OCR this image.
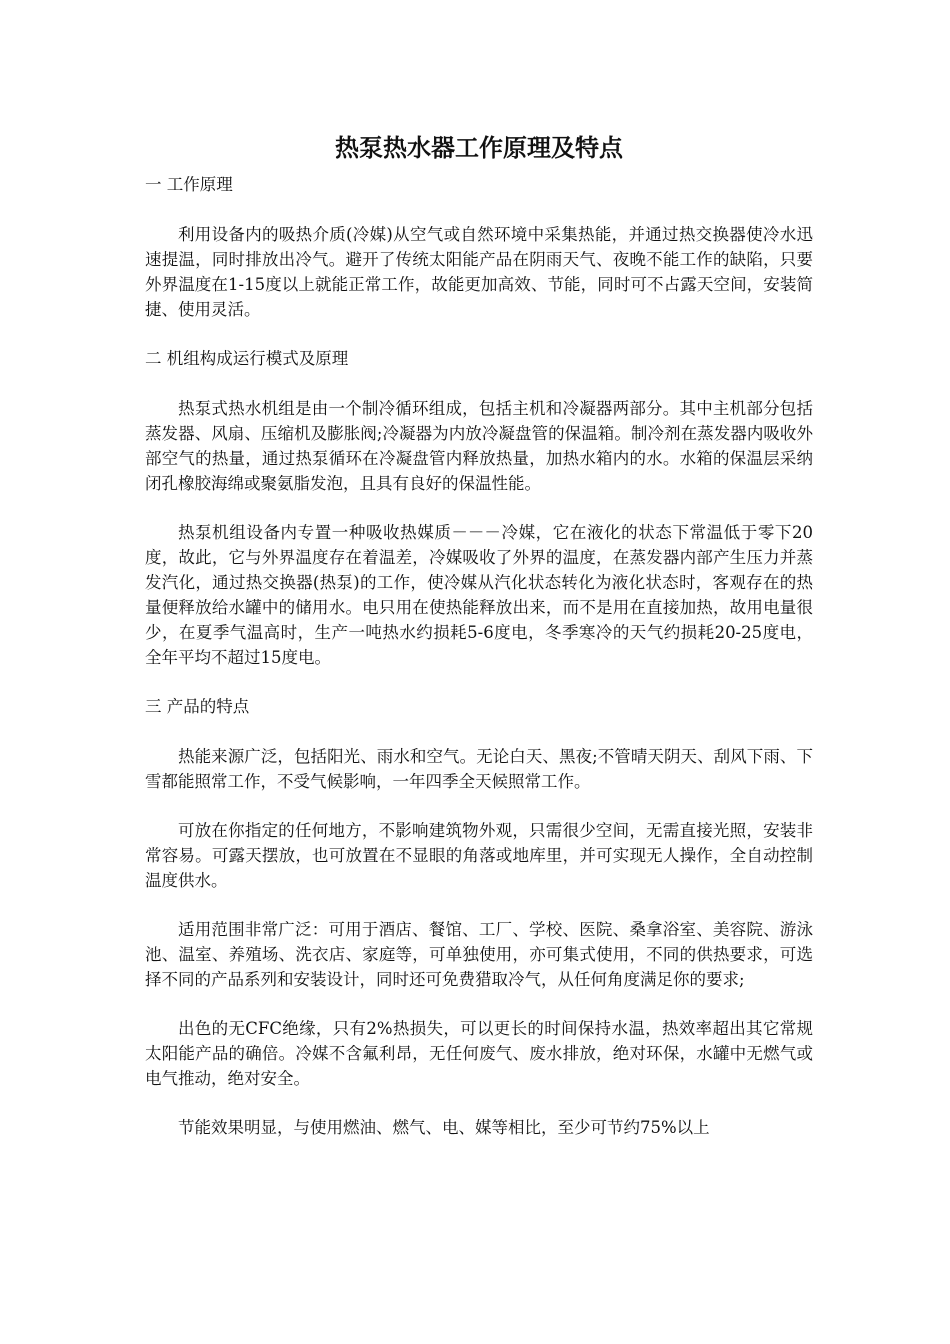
热泵热水器工作原理及特点

一 工作原理

利用设备内的吸热介质(冷媒)从空气或自然环境中采集热能，并通过热交换器使冷水迅速提温，同时排放出冷气。避开了传统太阳能产品在阴雨天气、夜晚不能工作的缺陷，只要外界温度在1-15度以上就能正常工作，故能更加高效、节能，同时可不占露天空间，安装简捷、使用灵活。

二 机组构成运行模式及原理

热泵式热水机组是由一个制冷循环组成，包括主机和冷凝器两部分。其中主机部分包括蒸发器、风扇、压缩机及膨胀阀;冷凝器为内放冷凝盘管的保温箱。制冷剂在蒸发器内吸收外部空气的热量，通过热泵循环在冷凝盘管内释放热量，加热水箱内的水。水箱的保温层采纳闭孔橡胶海绵或聚氨脂发泡，且具有良好的保温性能。

热泵机组设备内专置一种吸收热媒质－－－冷媒，它在液化的状态下常温低于零下20度，故此，它与外界温度存在着温差，冷媒吸收了外界的温度，在蒸发器内部产生压力并蒸发汽化，通过热交换器(热泵)的工作，使冷媒从汽化状态转化为液化状态时，客观存在的热量便释放给水罐中的储用水。电只用在使热能释放出来，而不是用在直接加热，故用电量很少，在夏季气温高时，生产一吨热水约损耗5-6度电，冬季寒冷的天气约损耗20-25度电，全年平均不超过15度电。

三 产品的特点

热能来源广泛，包括阳光、雨水和空气。无论白天、黑夜;不管晴天阴天、刮风下雨、下雪都能照常工作，不受气候影响，一年四季全天候照常工作。

可放在你指定的任何地方，不影响建筑物外观，只需很少空间，无需直接光照，安装非常容易。可露天摆放，也可放置在不显眼的角落或地库里，并可实现无人操作，全自动控制温度供水。

适用范围非常广泛：可用于酒店、餐馆、工厂、学校、医院、桑拿浴室、美容院、游泳池、温室、养殖场、洗衣店、家庭等，可单独使用，亦可集式使用，不同的供热要求，可选择不同的产品系列和安装设计，同时还可免费猎取冷气，从任何角度满足你的要求;

出色的无CFC绝缘，只有2%热损失，可以更长的时间保持水温，热效率超出其它常规太阳能产品的确倍。冷媒不含氟利昂，无任何废气、废水排放，绝对环保，水罐中无燃气或电气推动，绝对安全。

节能效果明显，与使用燃油、燃气、电、媒等相比，至少可节约75%以上
